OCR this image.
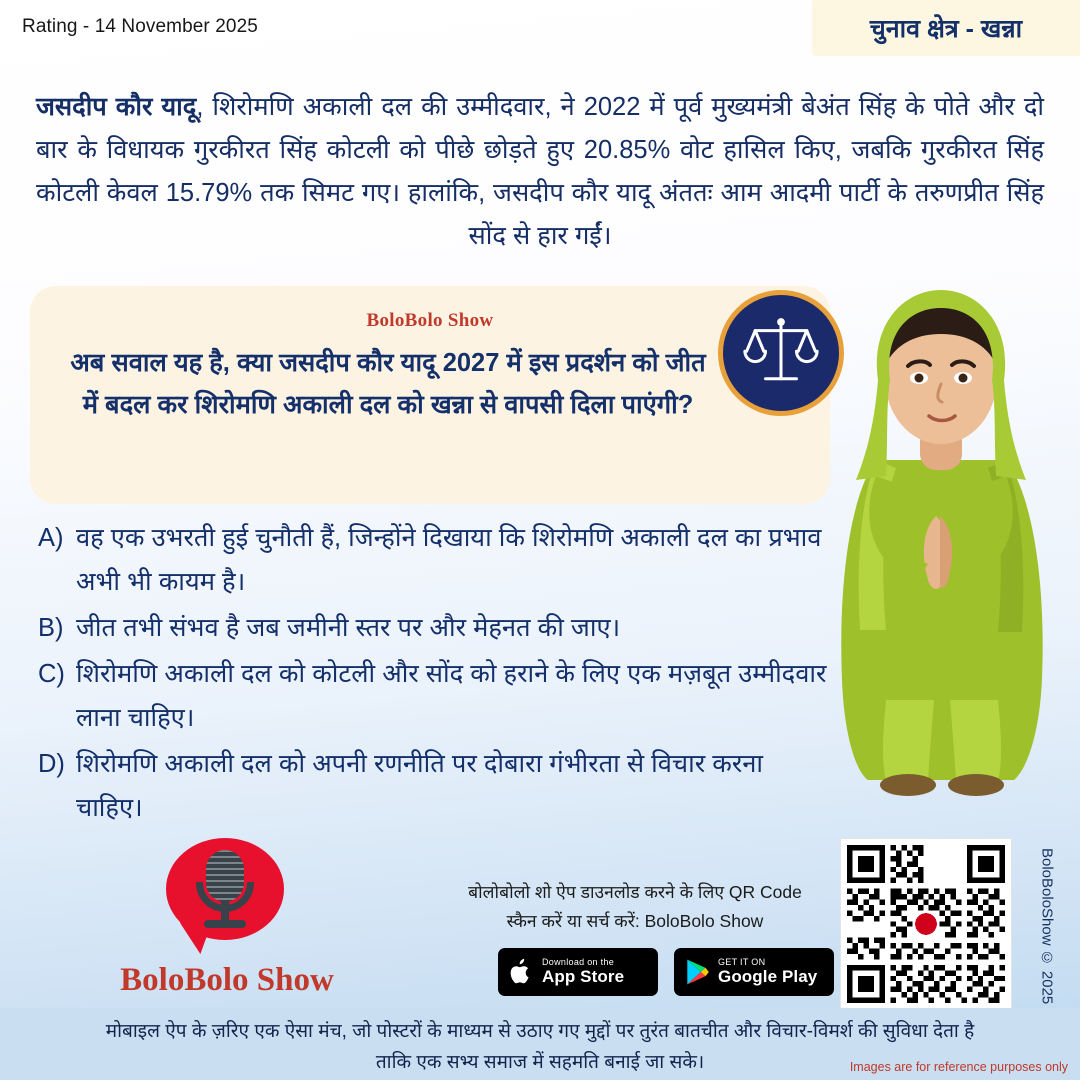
Rating - 14 November 2025	चुनाव क्षेत्र - खन्ना
जसदीप कौर यादू, शिरोमणि अकाली दल की उम्मीदवार, ने 2022 में पूर्व मुख्यमंत्री बेअंत सिंह के पोते और दो बार के विधायक गुरकीरत सिंह कोटली को पीछे छोड़ते हुए 20.85% वोट हासिल किए, जबकि गुरकीरत सिंह कोटली केवल 15.79% तक सिमट गए। हालांकि, जसदीप कौर यादू अंततः आम आदमी पार्टी के तरुणप्रीत सिंह सोंद से हार गईं।
BoloBolo Show
अब सवाल यह है, क्या जसदीप कौर यादू 2027 में इस प्रदर्शन को जीत में बदल कर शिरोमणि अकाली दल को खन्ना से वापसी दिला पाएंगी?
A) वह एक उभरती हुई चुनौती हैं, जिन्होंने दिखाया कि शिरोमणि अकाली दल का प्रभाव अभी भी कायम है।
B) जीत तभी संभव है जब जमीनी स्तर पर और मेहनत की जाए।
C) शिरोमणि अकाली दल को कोटली और सोंद को हराने के लिए एक मज़बूत उम्मीदवार लाना चाहिए।
D) शिरोमणि अकाली दल को अपनी रणनीति पर दोबारा गंभीरता से विचार करना चाहिए।
BoloBolo Show
बोलोबोलो शो ऐप डाउनलोड करने के लिए QR Code
स्कैन करें या सर्च करें: BoloBolo Show
Download on the
App Store
GET IT ON
Google Play	BoloBoloShow © 2025
मोबाइल ऐप के ज़रिए एक ऐसा मंच, जो पोस्टरों के माध्यम से उठाए गए मुद्दों पर तुरंत बातचीत और विचार-विमर्श की सुविधा देता है
ताकि एक सभ्य समाज में सहमति बनाई जा सके।	Images are for reference purposes only
